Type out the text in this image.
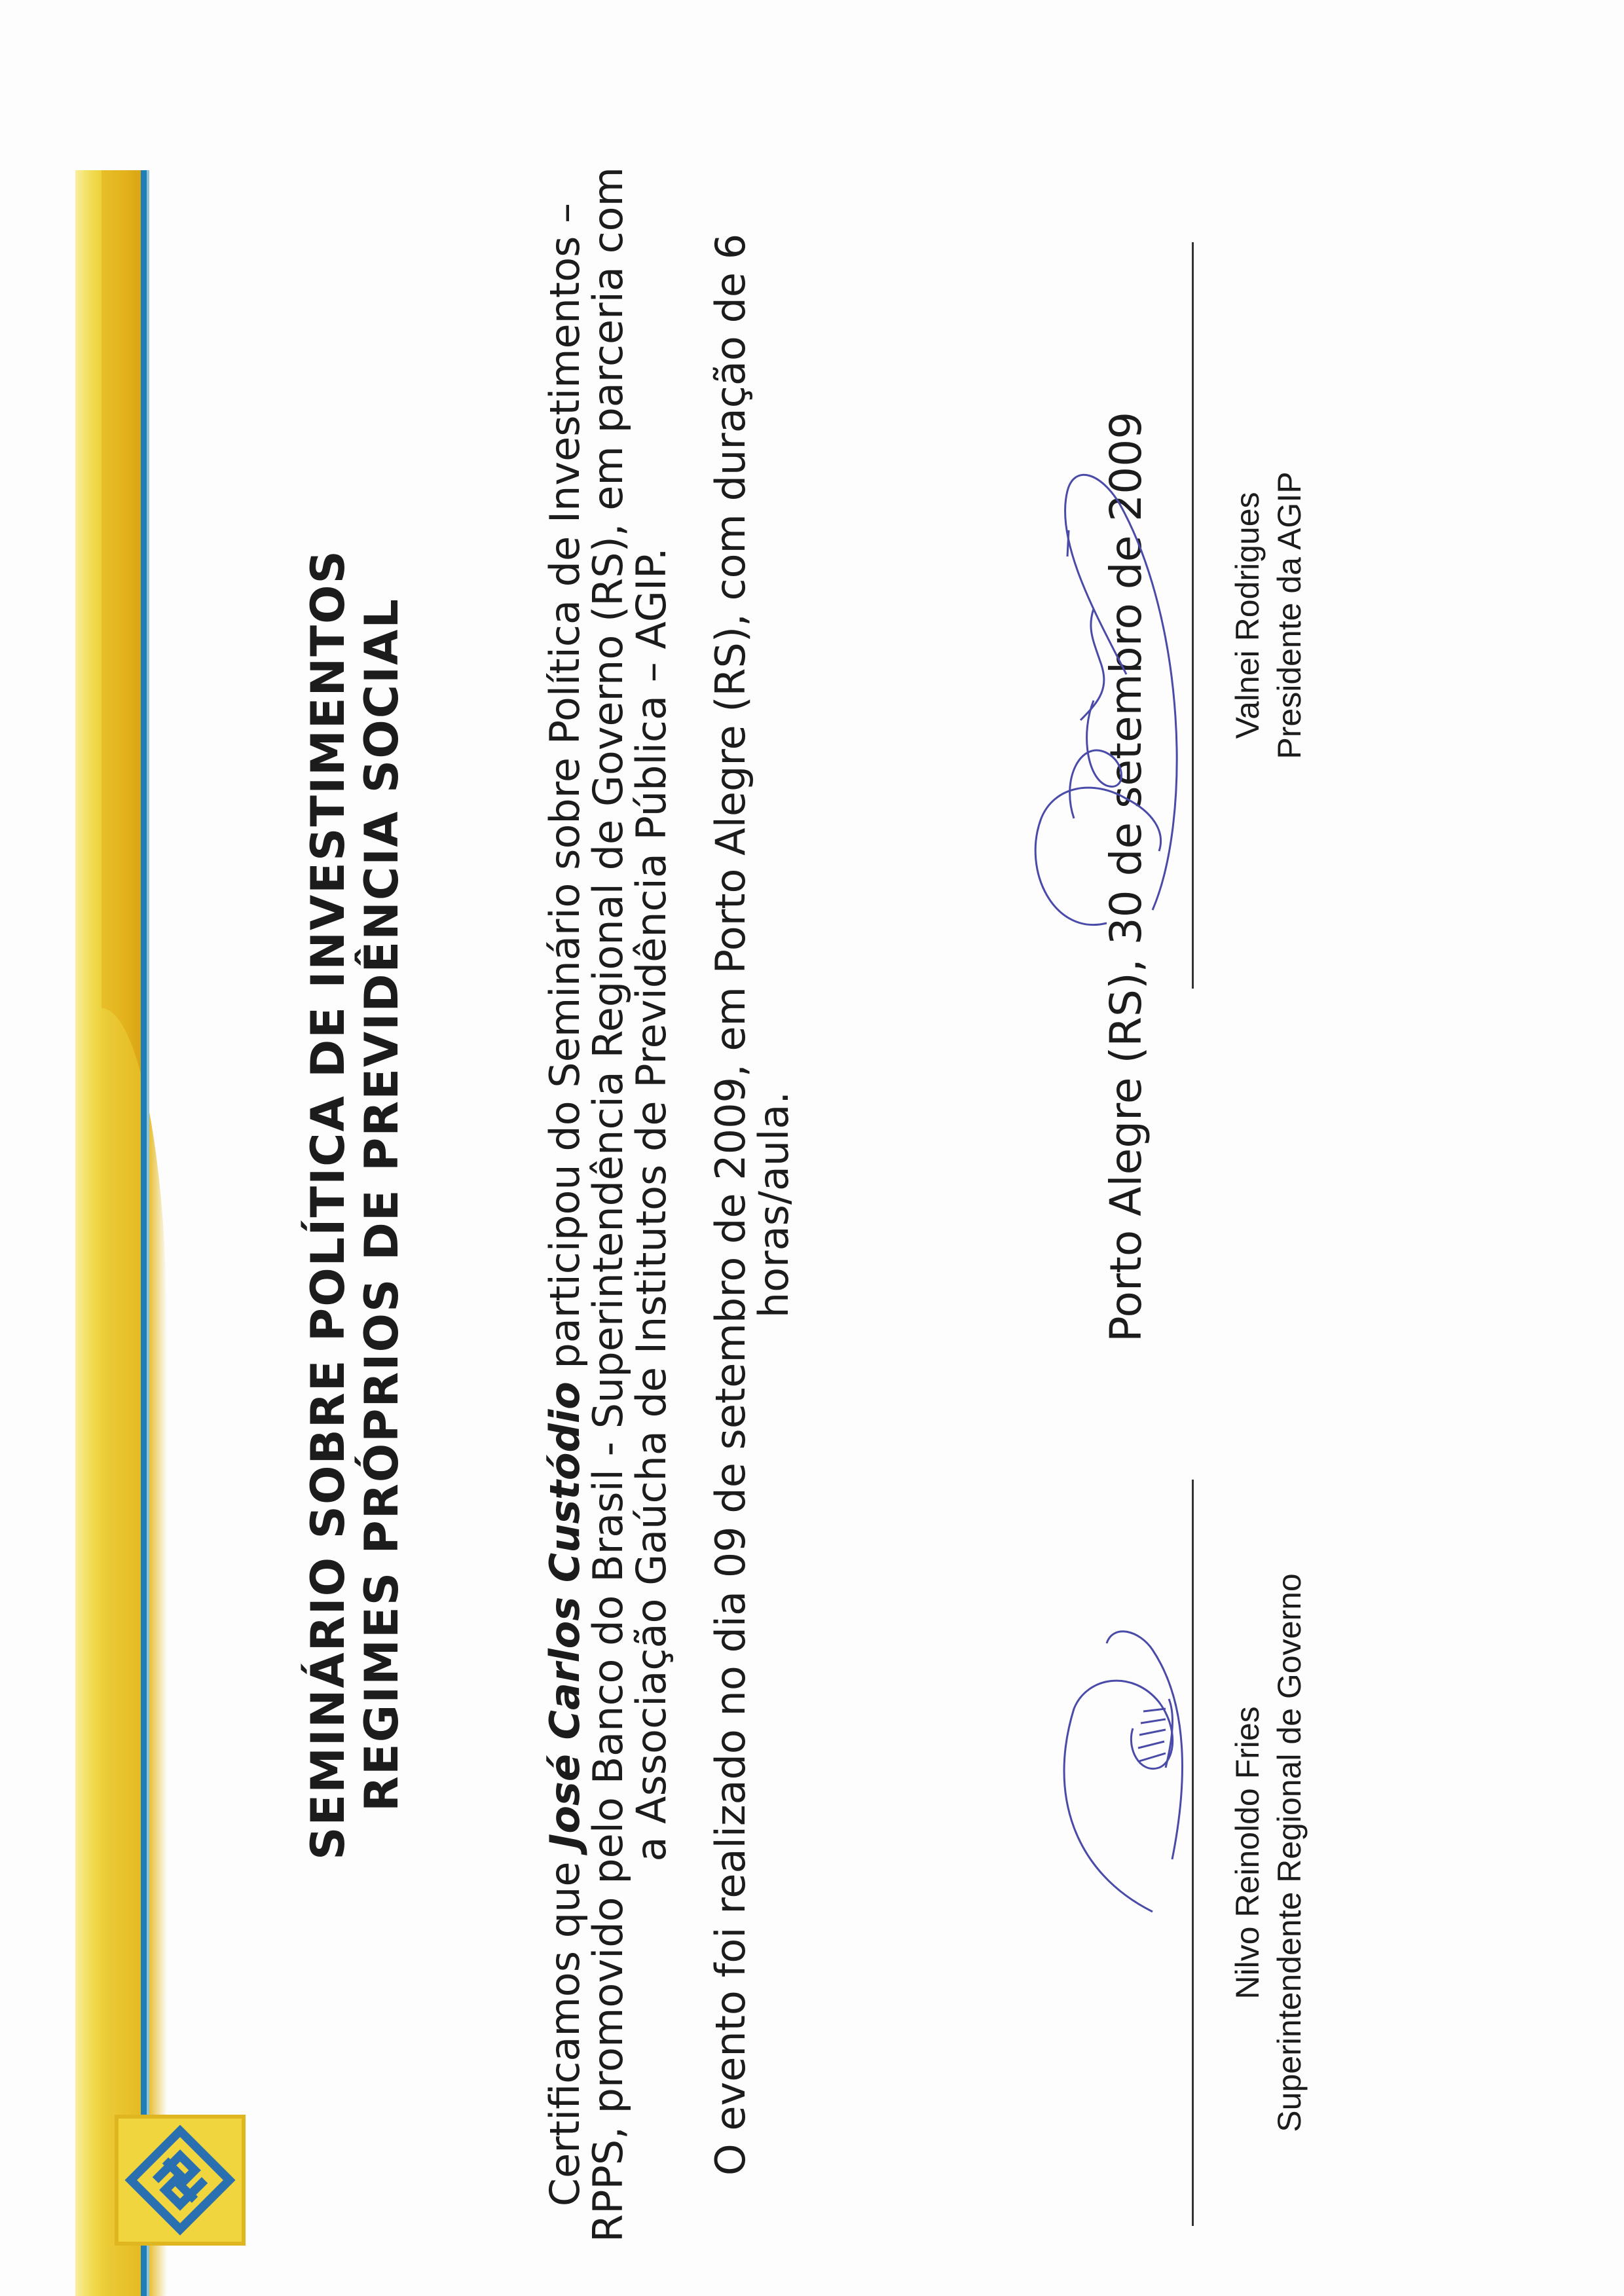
SEMINÁRIO SOBRE POLÍTICA DE INVESTIMENTOS REGIMES PRÓPRIOS DE PREVIDÊNCIA SOCIAL

Certificamos que José Carlos Custódio participou do Seminário sobre Política de Investimentos – RPPS, promovido pelo Banco do Brasil - Superintendência Regional de Governo (RS), em parceria com a Associação Gaúcha de Institutos de Previdência Pública – AGIP. O evento foi realizado no dia 09 de setembro de 2009, em Porto Alegre (RS), com duração de 6 horas/aula.	Porto Alegre (RS), 30 de setembro de 2009
Nilvo Reinoldo Fries Superintendente Regional de Governo
Valnei Rodrigues Presidente da AGIP
